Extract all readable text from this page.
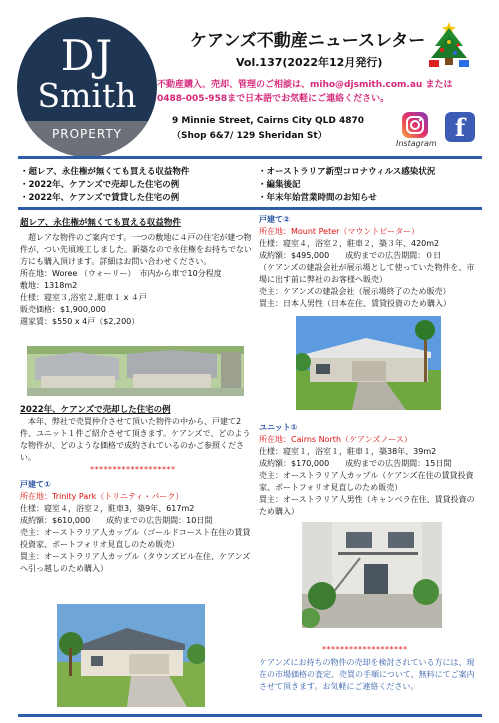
DJ
Smith
PROPERTY
ケアンズ不動産ニュースレター
Vol.137(2022年12月発行)
不動産購入、売却、管理のご相談は、miho@djsmith.com.au または
0488-005-958まで日本語でお気軽にご連絡ください。
9 Minnie Street, Cairns City QLD 4870
（Shop 6&7/ 129 Sheridan St）
Instagram
f
・超レア、永住権が無くても買える収益物件
・2022年、ケアンズで売却した住宅の例
・2022年、ケアンズで賃貸した住宅の例
・オーストラリア新型コロナウィルス感染状況
・編集後記
・年末年始営業時間のお知らせ
超レア、永住権が無くても買える収益物件

　超レアな物件のご案内です。一つの敷地に４戸の住宅が建つ物件が、つい先頃竣工しました。新築なので永住権をお持ちでない方にも購入頂けます。詳細はお問い合わせください。

所在地：Woree （ウォーリー）　市内から車で10分程度

敷地：1318m2

仕様：寝室３,浴室２,駐車１ x ４戸

販売価格：$1,900,000

週家賃：$550 x 4戸（$2,200）

2022年、ケアンズで売却した住宅の例
　本年、弊社で売買仲介させて頂いた物件の中から、戸建て2件、ユニット１件ご紹介させて頂きます。ケアンズで、どのような物件が、どのような価格で成約されているのかご参照ください。
*******************

戸建て①

所在地：Trinity Park（トリニティ・パーク）

仕様：寝室４，浴室２，駐車3，築9年、617m2

成約額：$610,000　　成約までの広告期間：10日間

売主：オーストラリア人カップル（ゴールドコースト在住の賃貸投資家、ポートフォリオ見直しのため販売）

買主：オーストラリア人カップル（タウンズビル在住、ケアンズへ引っ越しのため購入）

戸建て②

所在地：Mount Peter（マウントピーター）

仕様：寝室４，浴室２，駐車２，築３年、420m2

成約額：$495,000　　成約までの広告期間：０日

（ケアンズの建設会社が展示場として使っていた物件を、市場に出す前に弊社のお客様へ販売）

売主：ケアンズの建設会社（展示場終了のため販売）

買主：日本人男性（日本在住、賃貸投資のため購入）

ユニット①

所在地：Cairns North（ケアンズノース）

仕様：寝室１，浴室１，駐車１，築38年、39m2

成約額：$170,000　　成約までの広告期間：15日間

売主：オーストラリア人カップル（ケアンズ在住の賃貸投資家、ポートフォリオ見直しのため販売）

買主：オーストラリア人男性（キャンベラ在住、賃貸投資のため購入）

*******************
ケアンズにお持ちの物件の売却を検討されている方には、現在の市場価格の査定、売買の手順について、無料にてご案内させて頂きます。お気軽にご連絡ください。
